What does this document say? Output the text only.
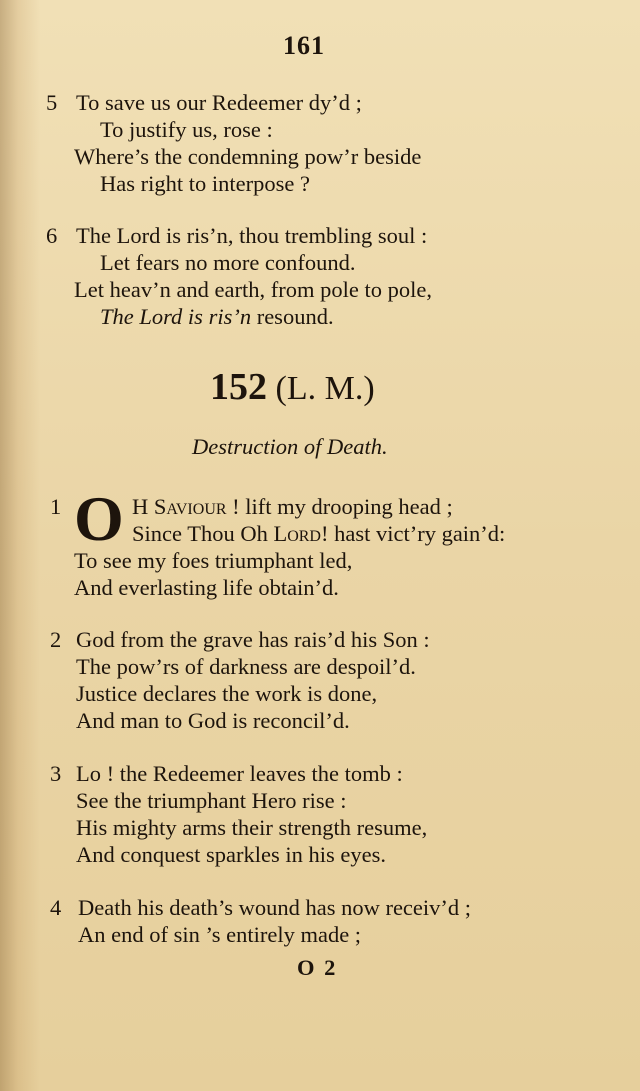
161
5 To save us our Redeemer dy’d ;
To justify us, rose :
Where’s the condemning pow’r beside
Has right to interpose ?
6 The Lord is ris’n, thou trembling soul :
Let fears no more confound.
Let heav’n and earth, from pole to pole,
The Lord is ris’n resound.
152 (L. M.)
Destruction of Death.
1 O H Saviour ! lift my drooping head ;
Since Thou Oh Lord! hast vict’ry gain’d:
To see my foes triumphant led,
And everlasting life obtain’d.
2 God from the grave has rais’d his Son :
The pow’rs of darkness are despoil’d.
Justice declares the work is done,
And man to God is reconcil’d.
3 Lo ! the Redeemer leaves the tomb :
See the triumphant Hero rise :
His mighty arms their strength resume,
And conquest sparkles in his eyes.
4 Death his death’s wound has now receiv’d ;
An end of sin ’s entirely made ;
O 2
